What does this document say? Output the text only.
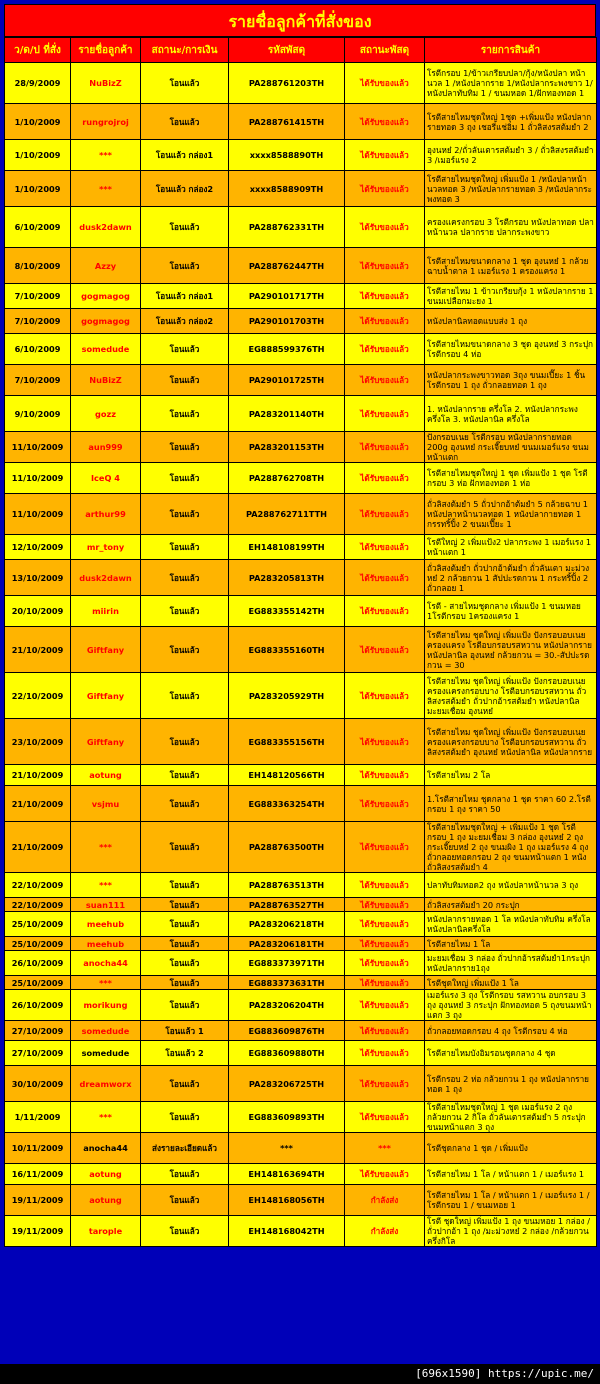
รายชื่อลูกค้าที่สั่งของ
ว/ด/ป ที่สั่ง	รายชื่อลูกค้า	สถานะ/การเงิน	รหัสพัสดุ	สถานะพัสดุ	รายการสินค้า
28/9/2009	NuBizZ	โอนแล้ว	PA288761203TH	ได้รับของแล้ว	โรตีกรอบ 1/ข้าวเกรียบปลา/กุ้ง/หนังปลา หน้านวล 1 /หนังปลากราย 1/หนังปลากระพงขาว 1/หนังปลาทับทิม 1 / ขนมหอด 1/ฝักทองทอด 1
1/10/2009	rungrojroj	โอนแล้ว	PA288761415TH	ได้รับของแล้ว	โรตีสายไหมชุดใหญ่ 1ชุด +เพิ่มแป้ง หนังปลากรายทอด 3 ถุง เชอรี่แช่อิ่ม 1 ถั่วลิสงรสต้มยำ 2
1/10/2009	***	โอนแล้ว กล่อง1	xxxx8588890TH	ได้รับของแล้ว	อุงนหย๋ 2/ถั่วลันเตารสต้มยำ 3 / ถั่วลิสงรสต้มยำ 3 /เมอร์แรง 2
1/10/2009	***	โอนแล้ว กล่อง2	xxxx8588909TH	ได้รับของแล้ว	โรตีสายไหมชุดใหญ่ เพิ่มแป้ง 1 /หนังปลาหน้านวลทอด 3 /หนังปลากรายทอด 3 /หนังปลากระพงทอด 3
6/10/2009	dusk2dawn	โอนแล้ว	PA288762331TH	ได้รับของแล้ว	ครองแครงกรอบ 3 โรตีกรอบ หนังปลาทอด ปลาหน้านวล ปลากราย ปลากระพงขาว
8/10/2009	Azzy	โอนแล้ว	PA288762447TH	ได้รับของแล้ว	โรตีสายไหมขนาดกลาง 1 ชุด อุงนหย๋ 1 กล้วยฉาบน้ำตาล 1 เมอร์แรง 1 ครองแครง 1
7/10/2009	gogmagog	โอนแล้ว กล่อง1	PA290101717TH	ได้รับของแล้ว	โรตีสายไหม 1 ข้าวเกรียบกุ้ง 1 หนังปลากราย 1 ขนมเปลือกมะยง 1
7/10/2009	gogmagog	โอนแล้ว กล่อง2	PA290101703TH	ได้รับของแล้ว	หนังปลานิลทอดแบบส่ง 1 ถุง
6/10/2009	somedude	โอนแล้ว	EG888599376TH	ได้รับของแล้ว	โรตีสายไหมขนาดกลาง 3 ชุด อุงนหย๋ 3 กระปุก โรตีกรอบ 4 ห่อ
7/10/2009	NuBizZ	โอนแล้ว	PA290101725TH	ได้รับของแล้ว	หนังปลากระพงขาวทอด 3ถุง ขนมเปี๊ยะ 1 ชิ้น โรตีกรอบ 1 ถุง ถั่วกลอยทอด 1 ถุง
9/10/2009	gozz	โอนแล้ว	PA283201140TH	ได้รับของแล้ว	1. หนังปลากราย ครึ่งโล 2. หนังปลากระพง ครึ่งโล 3. หนังปลานิล ครึ่งโล
11/10/2009	aun999	โอนแล้ว	PA283201153TH	ได้รับของแล้ว	ปังกรอบเนย โรตีกรอบ หนังปลากรายทอด 200g อุงนหย๋ กระเจี๊ยบหย๋ ขนมเมอร์แรง ขนมหน้าแตก
11/10/2009	IceQ 4	โอนแล้ว	PA288762708TH	ได้รับของแล้ว	โรตีสายไหมชุดใหญ่ 1 ชุด เพิ่มแป้ง 1 ชุด โรตีกรอบ 3 ห่อ ฝักทองทอด 1 ห่อ
11/10/2009	arthur99	โอนแล้ว	PA288762711TTH	ได้รับของแล้ว	ถั่วลิสงต้มยำ 5 ถั่วปากอ้าต้มยำ 5 กล้วยฉาบ 1 หนังปลาหน้านวลทอด 1 หนังปลากายทอด 1 กรรทริ้ปิ้ง 2 ขนมเปี๊ยะ 1
12/10/2009	mr_tony	โอนแล้ว	EH148108199TH	ได้รับของแล้ว	โรตีใหญ่ 2 เพิ่มแป้ง2 ปลากระพง 1 เมอร์แรง 1 หน้าแตก 1
13/10/2009	dusk2dawn	โอนแล้ว	PA283205813TH	ได้รับของแล้ว	ถั่วลิสงต้มยำ ถั่วปากอ้าต้มยำ ถั่วลันเตา มะม่วงหย๋ 2 กล้วยกวน 1 สัปปะรดกวน 1 กระทริ้ปิ้ง 2 ถั่วกลอย 1
20/10/2009	miirin	โอนแล้ว	EG883355142TH	ได้รับของแล้ว	โรตี - สายไหมชุดกลาง เพิ่มแป้ง 1 ขนมหอย 1โรตีกรอบ 1ครองแครง 1
21/10/2009	Giftfany	โอนแล้ว	EG883355160TH	ได้รับของแล้ว	โรตีสายไหม ชุดใหญ่ เพิ่มแป้ง ปังกรอบอบเนย ครองแครง โรตีอบกรอบรสหวาน หนังปลากราย หนังปลานิล อุงนหย๋ กล้วยกวน = 30.-สัปปะรดกวน = 30
22/10/2009	Giftfany	โอนแล้ว	PA283205929TH	ได้รับของแล้ว	โรตีสายไหม ชุดใหญ่ เพิ่มแป้ง ปังกรอบอบเนย ครองแครงกรอบบาง โรตีอบกรอบรสหวาน ถั่วลิสงรสต้มยำ ถั่วปากอ้ารสต้มยำ หนังปลานิล มะยมเชื่อม อุงนหย๋
23/10/2009	Giftfany	โอนแล้ว	EG883355156TH	ได้รับของแล้ว	โรตีสายไหม ชุดใหญ่ เพิ่มแป้ง ปังกรอบอบเนย ครองแครงกรอบบาง โรตีอบกรอบรสหวาน ถั่วลิสงรสต้มยำ อุงนหย๋ หนังปลานิล หนังปลากราย
21/10/2009	aotung	โอนแล้ว	EH148120566TH	ได้รับของแล้ว	โรตีสายไหม 2 โล
21/10/2009	vsjmu	โอนแล้ว	EG883363254TH	ได้รับของแล้ว	1.โรตีสายไหม ชุดกลาง 1 ชุด ราคา 60 2.โรตีกรอบ 1 ถุง ราคา 50
21/10/2009	***	โอนแล้ว	PA288763500TH	ได้รับของแล้ว	โรตีสายไหมชุดใหญ่ + เพิ่มแป้ง 1 ชุด โรตีกรอบ 1 ถุง มะยมเชื่อม 3 กล่อง อุงนหย๋ 2 ถุง กระเจี๊ยบหย๋ 2 ถุง ขนมผิง 1 ถุง เมอร์แรง 4 ถุง ถั่วกลอยทอดกรอบ 2 ถุง ขนมหน้าแตก 1 หนังถั่วลิสงรสต้มยำ 4
22/10/2009	***	โอนแล้ว	PA288763513TH	ได้รับของแล้ว	ปลาทับทิมทอด2 ถุง หนังปลาหน้านวล 3 ถุง
22/10/2009	suan111	โอนแล้ว	PA288763527TH	ได้รับของแล้ว	ถั่วลิสงรสต้มยำ 20 กระปุก
25/10/2009	meehub	โอนแล้ว	PA283206218TH	ได้รับของแล้ว	หนังปลากรายทอด 1 โล หนังปลาทับทิม ครึ่งโล หนังปลานิลครึ่งโล
25/10/2009	meehub	โอนแล้ว	PA283206181TH	ได้รับของแล้ว	โรตีสายไหม 1 โล
26/10/2009	anocha44	โอนแล้ว	EG883373971TH	ได้รับของแล้ว	มะยมเชื่อม 3 กล่อง ถั่วปากอ้ารสต้มยำ1กระปุก หนังปลากราย1ถุง
25/10/2009	***	โอนแล้ว	EG883373631TH	ได้รับของแล้ว	โรตีชุดใหญ่ เพิ่มแป้ง 1 โล
26/10/2009	morikung	โอนแล้ว	PA283206204TH	ได้รับของแล้ว	เมอร์แรง 3 ถุง โรตีกรอบ รสหวาน อบกรอบ 3 ถุง อุงนหย๋ 3 กระปุก ฝักทองทอด 5 ถุงขนมหน้าแตก 3 ถุง
27/10/2009	somedude	โอนแล้ว 1	EG883609876TH	ได้รับของแล้ว	ถั่วกลอยทอดกรอบ 4 ถุง โรตีกรอบ 4 ห่อ
27/10/2009	somedude	โอนแล้ว 2	EG883609880TH	ได้รับของแล้ว	โรตีสายไหมบังอิมรอนชุดกลาง 4 ชุด
30/10/2009	dreamworx	โอนแล้ว	PA283206725TH	ได้รับของแล้ว	โรตีกรอบ 2 ห่อ กล้วยกวน 1 ถุง หนังปลากรายทอด 1 ถุง
1/11/2009	***	โอนแล้ว	EG883609893TH	ได้รับของแล้ว	โรตีสายไหมชุดใหญ่ 1 ชุด เมอร์แรง 2 ถุง กล้วยกวน 2 กิโล ถั่วลันเตารสต้มยำ 5 กระปุก ขนมหน้าแตก 3 ถุง
10/11/2009	anocha44	ส่งรายละเอียดแล้ว	***	***	โรตีชุดกลาง 1 ชุด / เพิ่มแป้ง
16/11/2009	aotung	โอนแล้ว	EH148163694TH	ได้รับของแล้ว	โรตีสายไหม 1 โล / หน้าแตก 1 / เมอร์แรง 1
19/11/2009	aotung	โอนแล้ว	EH148168056TH	กำลังส่ง	โรตีสายไหม 1 โล / หน้าแตก 1 / เมอร์แรง 1 / โรตีกรอบ 1 / ขนมหอย 1
19/11/2009	tarople	โอนแล้ว	EH148168042TH	กำลังส่ง	โรตี ชุดใหญ่ เพิ่มแป้ง 1 ถุง ขนมหอย 1 กล่อง /ถั่วปากอ้า 1 ถุง /มะม่วงหย๋ 2 กล่อง /กล้วยกวน ครึ่งกิโล
[696x1590] https://upic.me/
